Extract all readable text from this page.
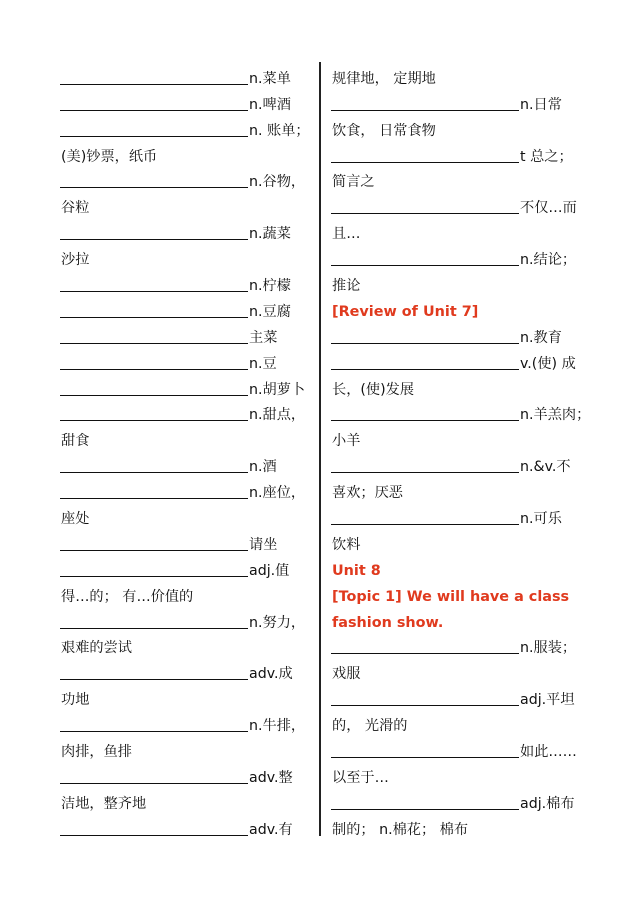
n.菜单
n.啤酒
n. 账单；
(美)钞票，纸币
n.谷物，
谷粒
n.蔬菜
沙拉
n.柠檬
n.豆腐
主菜
n.豆
n.胡萝卜
n.甜点，
甜食
n.酒
n.座位，
座处
请坐
adj.值
得…的； 有…价值的
n.努力，
艰难的尝试
adv.成
功地
n.牛排，
肉排，鱼排
adv.整
洁地，整齐地
adv.有
规律地， 定期地
n.日常
饮食， 日常食物
t 总之；
简言之
不仅…而
且…
n.结论；
推论
[Review of Unit 7]
n.教育
v.(使) 成
长，(使)发展
n.羊羔肉；
小羊
n.&v.不
喜欢；厌恶
n.可乐
饮料
Unit 8
[Topic 1] We will have a class
fashion show.
n.服装；
戏服
adj.平坦
的， 光滑的
如此……
以至于…
adj.棉布
制的； n.棉花； 棉布
